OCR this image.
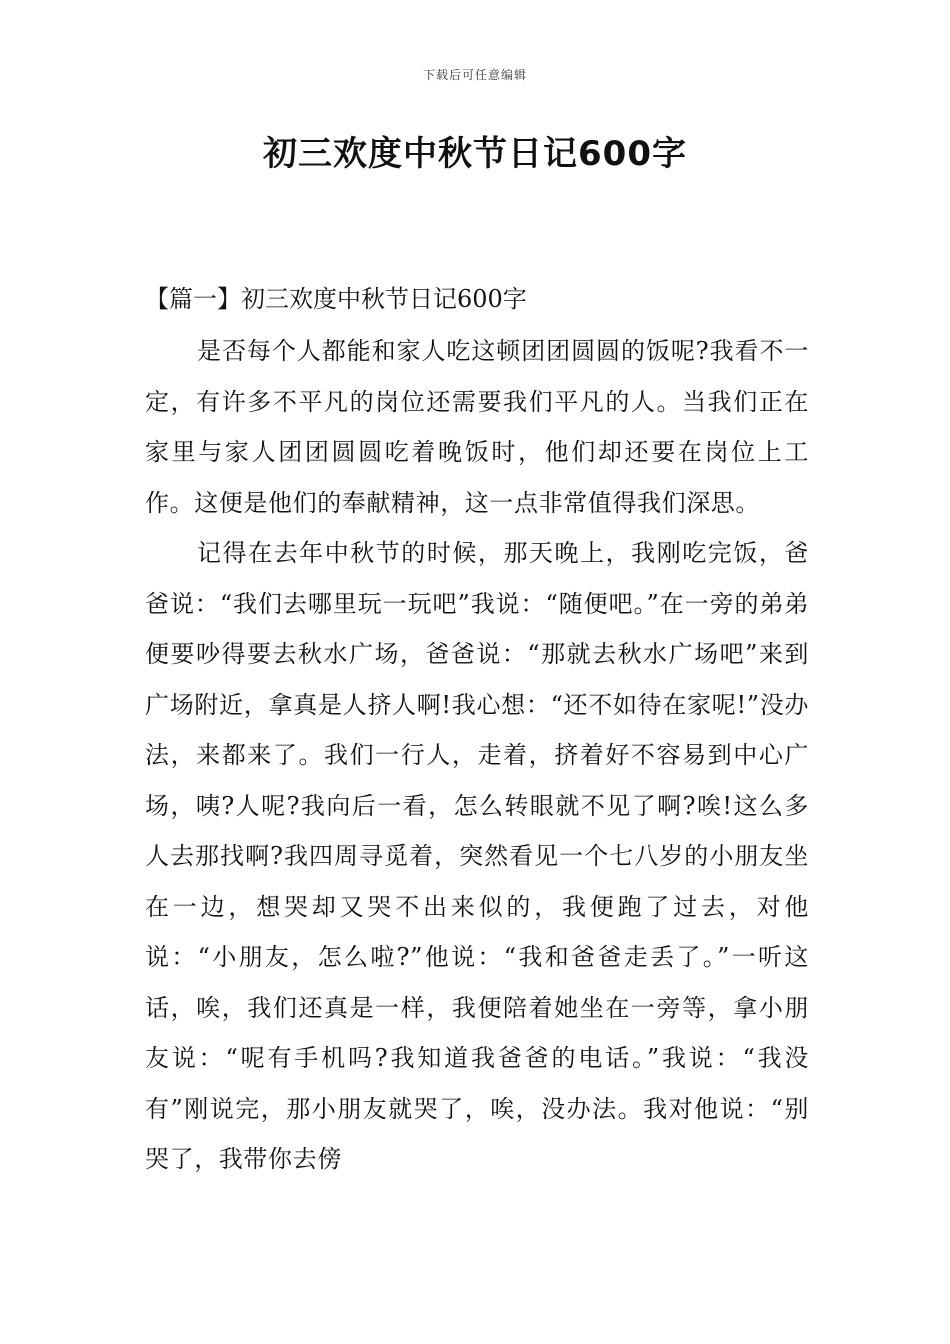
下载后可任意编辑
初三欢度中秋节日记600字
【篇一】初三欢度中秋节日记600字

是否每个人都能和家人吃这顿团团圆圆的饭呢?我看不一定，有许多不平凡的岗位还需要我们平凡的人。当我们正在家里与家人团团圆圆吃着晚饭时，他们却还要在岗位上工作。这便是他们的奉献精神，这一点非常值得我们深思。

记得在去年中秋节的时候，那天晚上，我刚吃完饭，爸爸说：“我们去哪里玩一玩吧”我说：“随便吧。”在一旁的弟弟便要吵得要去秋水广场，爸爸说：“那就去秋水广场吧”来到广场附近，拿真是人挤人啊!我心想：“还不如待在家呢!”没办法，来都来了。我们一行人，走着，挤着好不容易到中心广场，咦?人呢?我向后一看，怎么转眼就不见了啊?唉!这么多人去那找啊?我四周寻觅着，突然看见一个七八岁的小朋友坐在一边，想哭却又哭不出来似的，我便跑了过去，对他说：“小朋友，怎么啦?”他说：“我和爸爸走丢了。”一听这话，唉，我们还真是一样，我便陪着她坐在一旁等，拿小朋友说：“呢有手机吗?我知道我爸爸的电话。”我说：“我没有”刚说完，那小朋友就哭了，唉，没办法。我对他说：“别哭了，我带你去傍
